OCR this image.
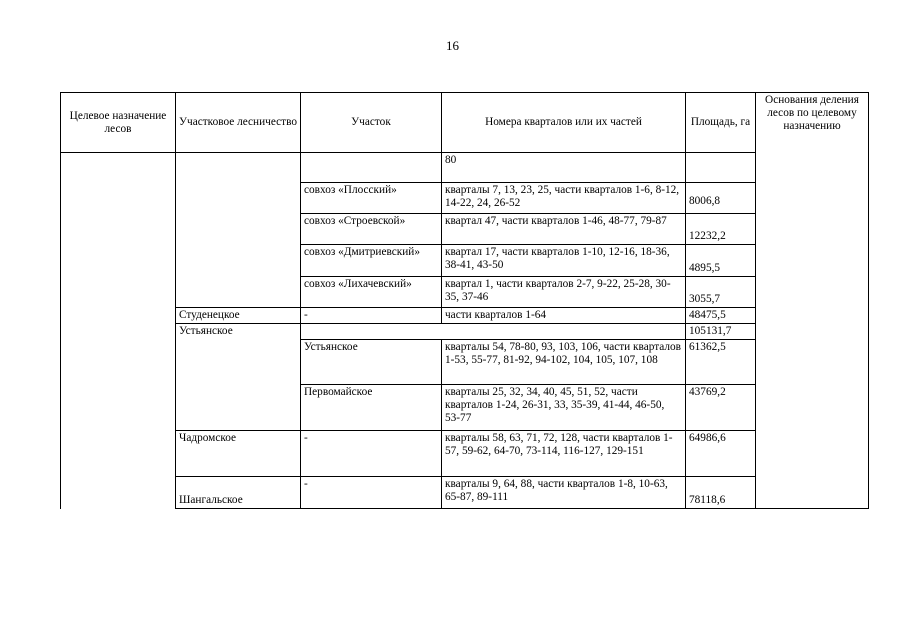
16
Целевое назначение лесов	Участковое лесничество	Участок	Номера кварталов или их частей	Площадь, га	Основания деления лесов по целевому назначению
			80		
		совхоз «Плосский»	кварталы 7, 13, 23, 25, части кварталов 1-6, 8-12, 14-22, 24, 26-52	8006,8	

		совхоз «Строевской»	квартал 47, части кварталов 1-46, 48-77, 79-87	12232,2	
		совхоз «Дмитриевский»	квартал 17, части кварталов 1-10, 12-16, 18-36, 38-41, 43-50	4895,5	
		совхоз «Лихачевский»	квартал 1, части кварталов 2-7, 9-22, 25-28, 30-35, 37-46	3055,7	
	Студенецкое	-	части кварталов 1-64	48475,5	
	Устьянское			105131,7	
		Устьянское	кварталы 54, 78-80, 93, 103, 106, части кварталов 1-53, 55-77, 81-92, 94-102, 104, 105, 107, 108	61362,5	
		Первомайское	кварталы 25, 32, 34, 40, 45, 51, 52, части кварталов 1-24, 26-31, 33, 35-39, 41-44, 46-50, 53-77	43769,2	
	Чадромское	-	кварталы 58, 63, 71, 72, 128, части кварталов 1-57, 59-62, 64-70, 73-114, 116-127, 129-151	64986,6	
	Шангальское	-	кварталы 9, 64, 88, части кварталов 1-8, 10-63, 65-87, 89-111	78118,6	
